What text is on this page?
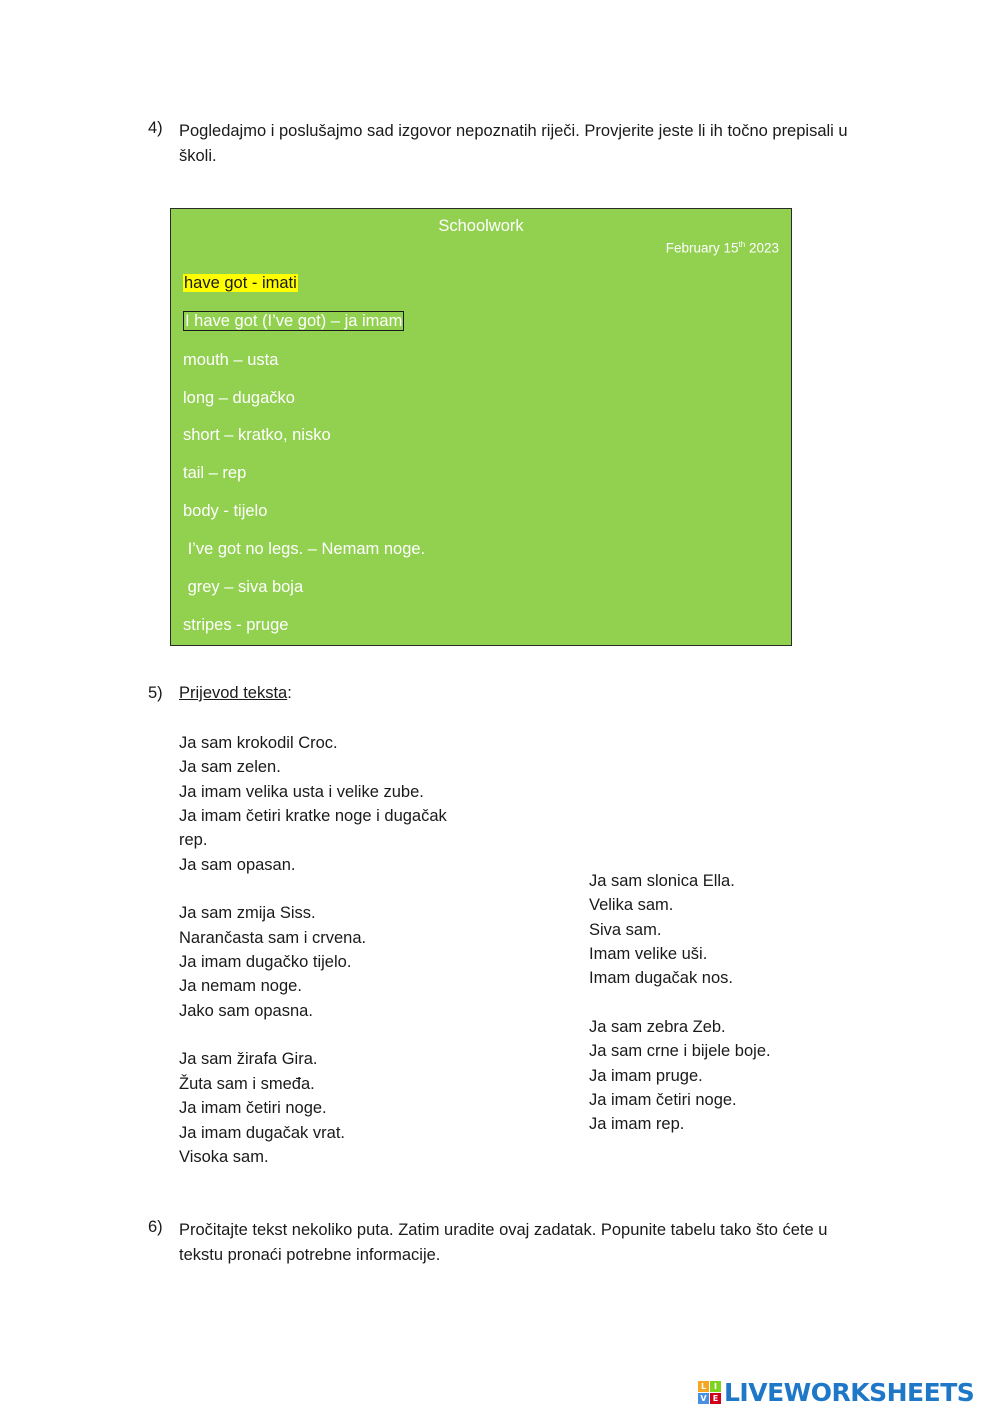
4) Pogledajmo i poslušajmo sad izgovor nepoznatih riječi. Provjerite jeste li ih točno prepisali u školi.
Schoolwork
February 15th 2023
have got - imati
I have got (I’ve got) – ja imam
mouth – usta
long – dugačko
short – kratko, nisko
tail – rep
body - tijelo
I’ve got no legs. – Nemam noge.
grey – siva boja
stripes - pruge
5) Prijevod teksta:
Ja sam krokodil Croc.
Ja sam zelen.
Ja imam velika usta i velike zube.
Ja imam četiri kratke noge i dugačak
rep.
Ja sam opasan.
Ja sam zmija Siss.
Narančasta sam i crvena.
Ja imam dugačko tijelo.
Ja nemam noge.
Jako sam opasna.
Ja sam žirafa Gira.
Žuta sam i smeđa.
Ja imam četiri noge.
Ja imam dugačak vrat.
Visoka sam.
Ja sam slonica Ella.
Velika sam.
Siva sam.
Imam velike uši.
Imam dugačak nos.
Ja sam zebra Zeb.
Ja sam crne i bijele boje.
Ja imam pruge.
Ja imam četiri noge.
Ja imam rep.
6) Pročitajte tekst nekoliko puta. Zatim uradite ovaj zadatak. Popunite tabelu tako što ćete u tekstu pronaći potrebne informacije.
L I
V E LIVEWORKSHEETS
